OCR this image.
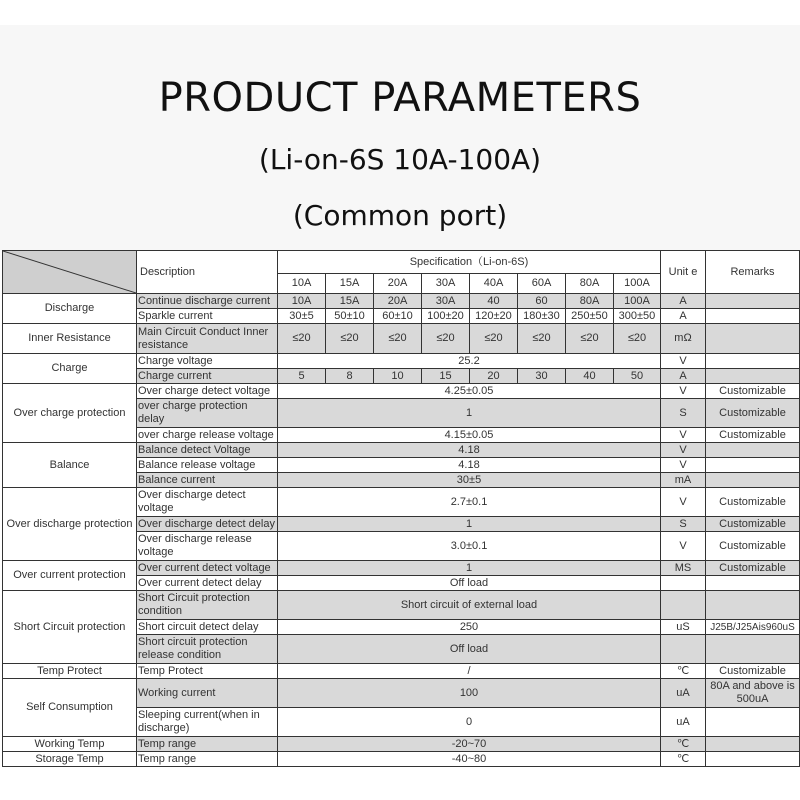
PRODUCT PARAMETERS
(Li-on-6S 10A-100A)
(Common port)
	Description	Specification（Li-on-6S)								Unit e	Remarks
		10A	15A	20A	30A	40A	60A	80A	100A		
Discharge	Continue discharge current	10A	15A	20A	30A	40	60	80A	100A	A	
	Sparkle current	30±5	50±10	60±10	100±20	120±20	180±30	250±50	300±50	A	
Inner Resistance	Main Circuit Conduct Inner resistance	≤20	≤20	≤20	≤20	≤20	≤20	≤20	≤20	mΩ	
Charge	Charge voltage	25.2								V	
	Charge current	5	8	10	15	20	30	40	50	A	
Over charge protection	Over charge detect voltage	4.25±0.05								V	Customizable
	over charge protection delay	1								S	Customizable
	over charge release voltage	4.15±0.05								V	Customizable
Balance	Balance detect Voltage	4.18								V	
	Balance release voltage	4.18								V	
	Balance current	30±5								mA	
Over discharge protection	Over discharge detect voltage	2.7±0.1								V	Customizable
	Over discharge detect delay	1								S	Customizable
	Over discharge release voltage	3.0±0.1								V	Customizable
Over current protection	Over current detect voltage	1								MS	Customizable
	Over current detect delay	Off load									
Short Circuit protection	Short Circuit protection condition	Short circuit of external load									
	Short circuit detect delay	250								uS	J25B/J25Ais960uS
	Short circuit protection release condition	Off load									
Temp Protect	Temp Protect	/								℃	Customizable
Self Consumption	Working current	100								uA	80A and above is 500uA
	Sleeping current(when in discharge)	0								uA	
Working Temp	Temp range	-20~70								℃	
Storage Temp	Temp range	-40~80								℃	
